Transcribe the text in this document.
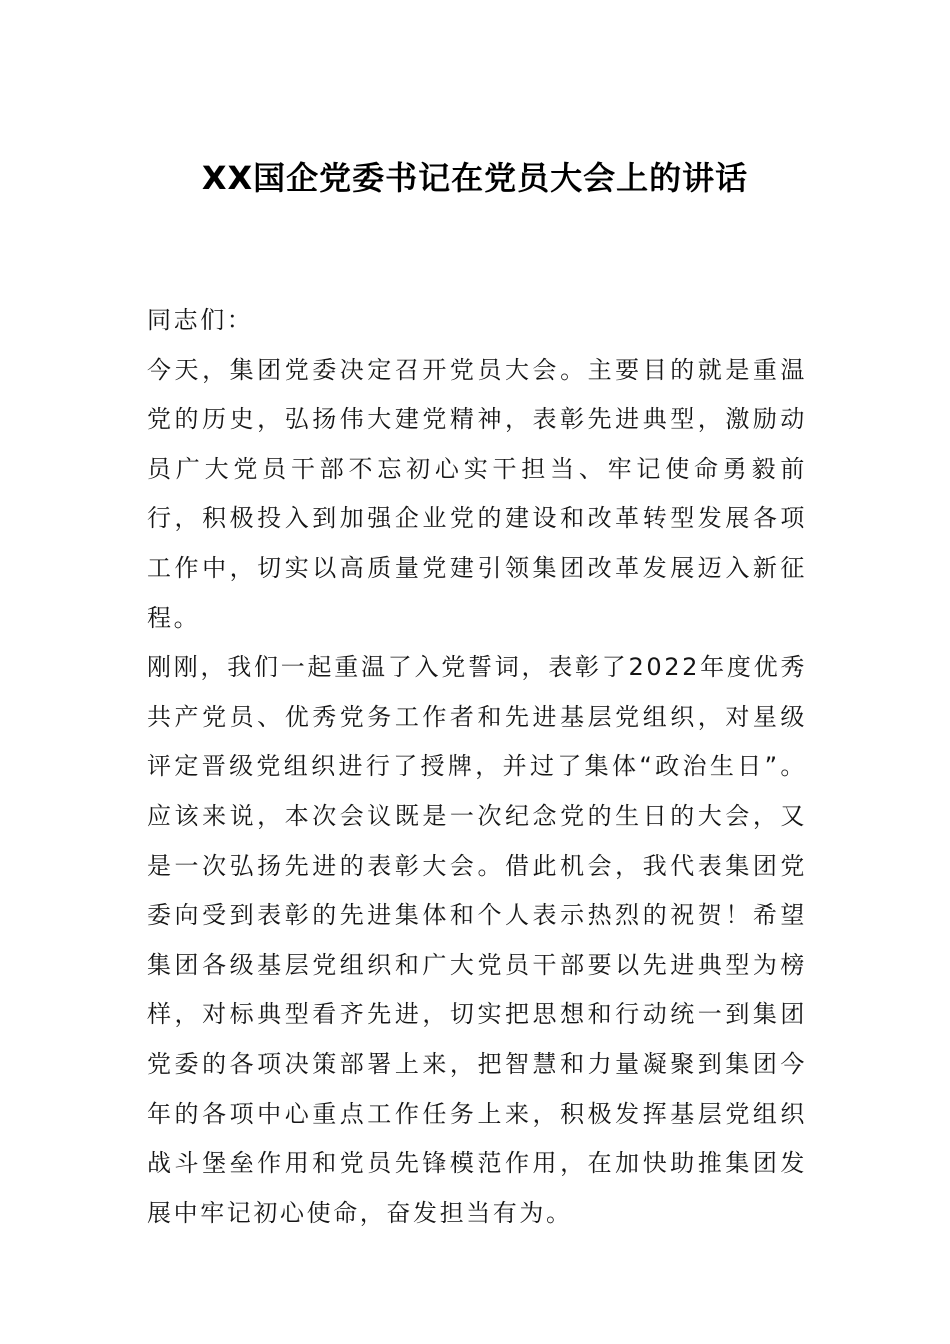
XX国企党委书记在党员大会上的讲话

同志们：

今天，集团党委决定召开党员大会。主要目的就是重温党的历史，弘扬伟大建党精神，表彰先进典型，激励动员广大党员干部不忘初心实干担当、牢记使命勇毅前行，积极投入到加强企业党的建设和改革转型发展各项工作中，切实以高质量党建引领集团改革发展迈入新征程。

刚刚，我们一起重温了入党誓词，表彰了2022年度优秀共产党员、优秀党务工作者和先进基层党组织，对星级评定晋级党组织进行了授牌，并过了集体“政治生日”。应该来说，本次会议既是一次纪念党的生日的大会，又是一次弘扬先进的表彰大会。借此机会，我代表集团党委向受到表彰的先进集体和个人表示热烈的祝贺！希望集团各级基层党组织和广大党员干部要以先进典型为榜样，对标典型看齐先进，切实把思想和行动统一到集团党委的各项决策部署上来，把智慧和力量凝聚到集团今年的各项中心重点工作任务上来，积极发挥基层党组织战斗堡垒作用和党员先锋模范作用，在加快助推集团发展中牢记初心使命，奋发担当有为。
